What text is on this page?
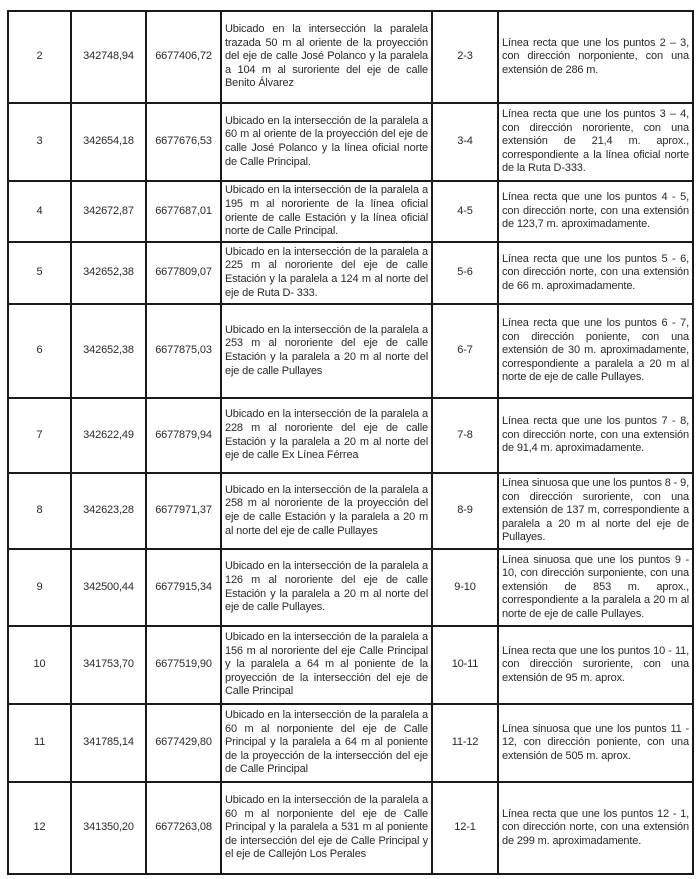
2	342748,94	6677406,72	Ubicado en la intersección la paralela trazada 50 m al oriente de la proyección del eje de calle José Polanco y la paralela a 104 m al suroriente del eje de calle Benito Álvarez	2-3	Línea recta que une los puntos 2 – 3, con dirección norponiente, con una extensión de 286 m.
3	342654,18	6677676,53	Ubicado en la intersección de la paralela a 60 m al oriente de la proyección del eje de calle José Polanco y la línea oficial norte de Calle Principal.	3-4	Línea recta que une los puntos 3 – 4, con dirección nororiente, con una extensión de 21,4 m. aprox., correspondiente a la línea oficial norte de la Ruta D-333.
4	342672,87	6677687,01	Ubicado en la intersección de la paralela a 195 m al nororiente de la línea oficial oriente de calle Estación y la línea oficial norte de Calle Principal.	4-5	Línea recta que une los puntos 4 - 5, con dirección norte, con una extensión de 123,7 m. aproximadamente.
5	342652,38	6677809,07	Ubicado en la intersección de la paralela a 225 m al nororiente del eje de calle Estación y la paralela a 124 m al norte del eje de Ruta D- 333.	5-6	Línea recta que une los puntos 5 - 6, con dirección norte, con una extensión de 66 m. aproximadamente.
6	342652,38	6677875,03	Ubicado en la intersección de la paralela a 253 m al nororiente del eje de calle Estación y la paralela a 20 m al norte del eje de calle Pullayes	6-7	Línea recta que une los puntos 6 - 7, con dirección poniente, con una extensión de 30 m. aproximadamente, correspondiente a paralela a 20 m al norte de eje de calle Pullayes.
7	342622,49	6677879,94	Ubicado en la intersección de la paralela a 228 m al nororiente del eje de calle Estación y la paralela a 20 m al norte del eje de calle Ex Línea Férrea	7-8	Línea recta que une los puntos 7 - 8, con dirección norte, con una extensión de 91,4 m. aproximadamente.
8	342623,28	6677971,37	Ubicado en la intersección de la paralela a 258 m al nororiente de la proyección del eje de calle Estación y la paralela a 20 m al norte del eje de calle Pullayes	8-9	Línea sinuosa que une los puntos 8 - 9, con dirección suroriente, con una extensión de 137 m, correspondiente a paralela a 20 m al norte del eje de Pullayes.
9	342500,44	6677915,34	Ubicado en la intersección de la paralela a 126 m al nororiente del eje de calle Estación y la paralela a 20 m al norte del eje de calle Pullayes.	9-10	Línea sinuosa que une los puntos 9 - 10, con dirección surponiente, con una extensión de 853 m. aprox., correspondiente a la paralela a 20 m al norte de eje de calle Pullayes.
10	341753,70	6677519,90	Ubicado en la intersección de la paralela a 156 m al nororiente del eje Calle Principal y la paralela a 64 m al poniente de la proyección de la intersección del eje de Calle Principal	10-11	Línea recta que une los puntos 10 - 11, con dirección suroriente, con una extensión de 95 m. aprox.
11	341785,14	6677429,80	Ubicado en la intersección de la paralela a 60 m al norponiente del eje de Calle Principal y la paralela a 64 m al poniente de la proyección de la intersección del eje de Calle Principal	11-12	Línea sinuosa que une los puntos 11 - 12, con dirección poniente, con una extensión de 505 m. aprox.
12	341350,20	6677263,08	Ubicado en la intersección de la paralela a 60 m al norponiente del eje de Calle Principal y la paralela a 531 m al poniente de intersección del eje de Calle Principal y el eje de Callejón Los Perales	12-1	Línea recta que une los puntos 12 - 1, con dirección norte, con una extensión de 299 m. aproximadamente.
